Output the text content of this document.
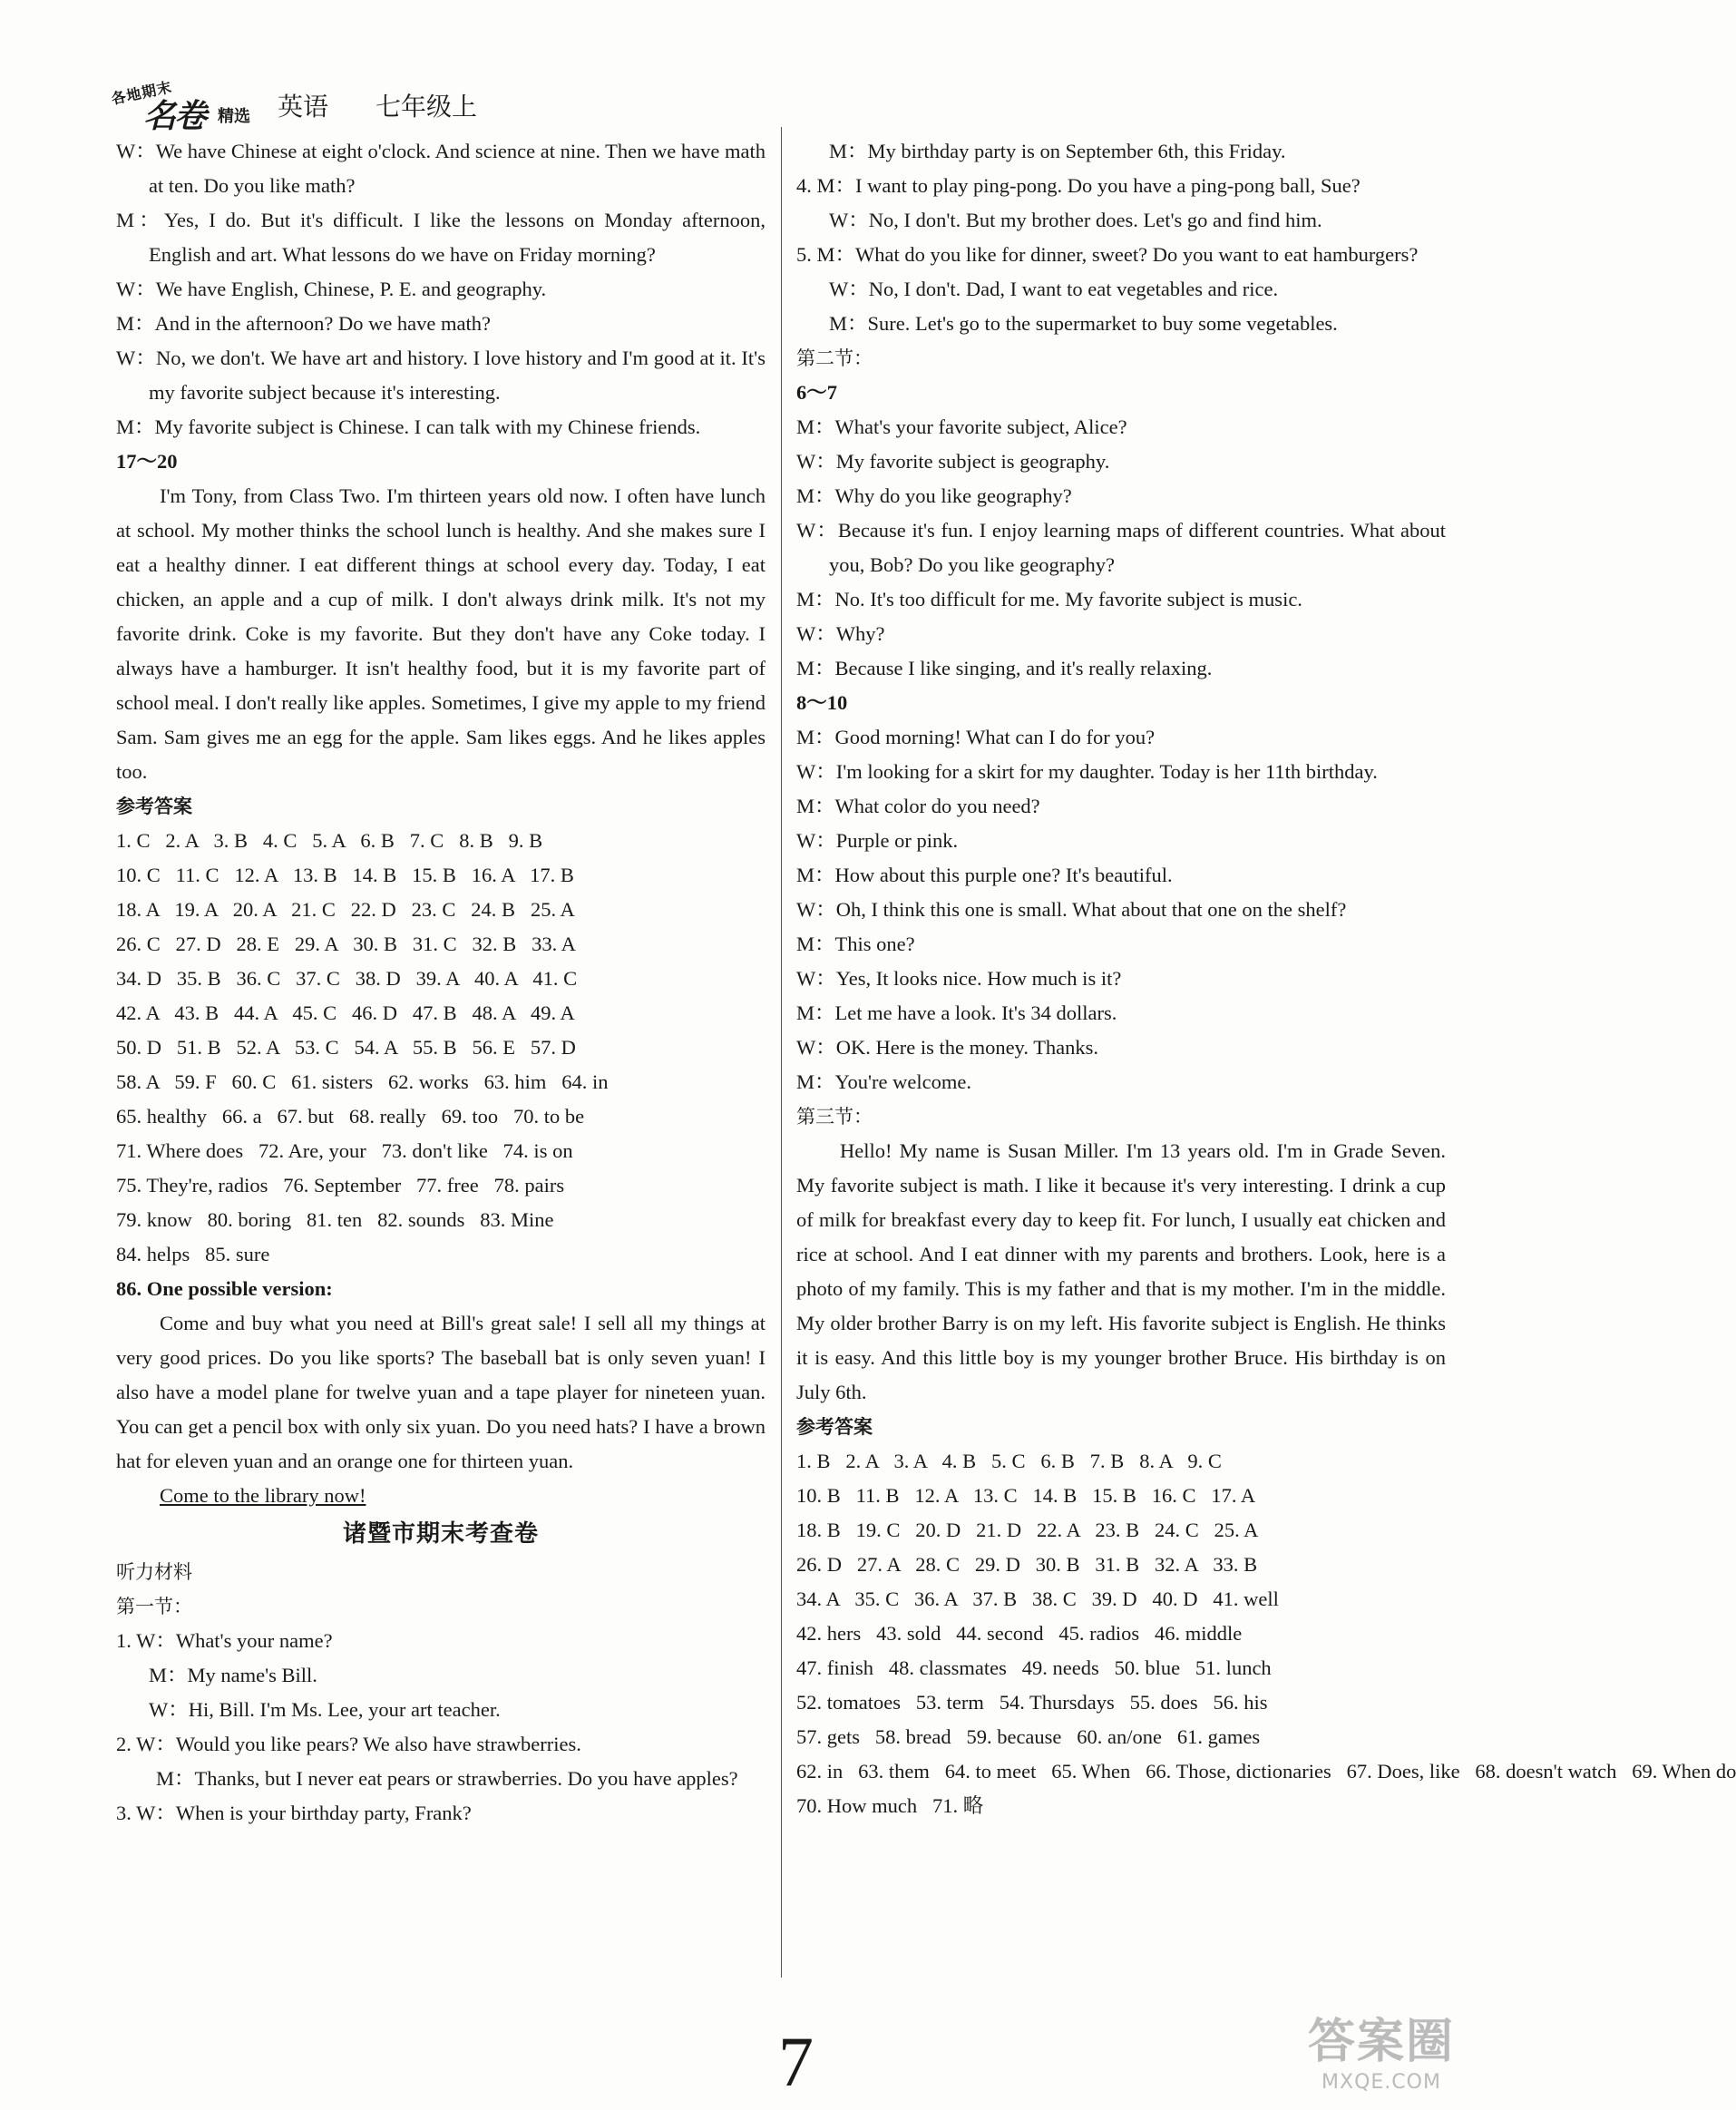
各地期末
名卷 精选 英语 七年级上

W：We have Chinese at eight o'clock. And science at nine. Then we have math at ten. Do you like math?

M：Yes, I do. But it's difficult. I like the lessons on Monday afternoon, English and art. What lessons do we have on Friday morning?

W：We have English, Chinese, P. E. and geography.

M：And in the afternoon? Do we have math?

W：No, we don't. We have art and history. I love history and I'm good at it. It's my favorite subject because it's interesting.

M：My favorite subject is Chinese. I can talk with my Chinese friends.

17～20

I'm Tony, from Class Two. I'm thirteen years old now. I often have lunch at school. My mother thinks the school lunch is healthy. And she makes sure I eat a healthy dinner. I eat different things at school every day. Today, I eat chicken, an apple and a cup of milk. I don't always drink milk. It's not my favorite drink. Coke is my favorite. But they don't have any Coke today. I always have a hamburger. It isn't healthy food, but it is my favorite part of school meal. I don't really like apples. Sometimes, I give my apple to my friend Sam. Sam gives me an egg for the apple. Sam likes eggs. And he likes apples too.

参考答案

1. C   2. A   3. B   4. C   5. A   6. B   7. C   8. B   9. B

10. C   11. C   12. A   13. B   14. B   15. B   16. A   17. B

18. A   19. A   20. A   21. C   22. D   23. C   24. B   25. A

26. C   27. D   28. E   29. A   30. B   31. C   32. B   33. A

34. D   35. B   36. C   37. C   38. D   39. A   40. A   41. C

42. A   43. B   44. A   45. C   46. D   47. B   48. A   49. A

50. D   51. B   52. A   53. C   54. A   55. B   56. E   57. D

58. A   59. F   60. C   61. sisters   62. works   63. him   64. in

65. healthy   66. a   67. but   68. really   69. too   70. to be

71. Where does   72. Are, your   73. don't like   74. is on

75. They're, radios   76. September   77. free   78. pairs

79. know   80. boring   81. ten   82. sounds   83. Mine

84. helps   85. sure

86. One possible version:

Come and buy what you need at Bill's great sale! I sell all my things at very good prices. Do you like sports? The baseball bat is only seven yuan! I also have a model plane for twelve yuan and a tape player for nineteen yuan. You can get a pencil box with only six yuan. Do you need hats? I have a brown hat for eleven yuan and an orange one for thirteen yuan.

Come to the library now!

诸暨市期末考查卷

听力材料

第一节：

1. W：What's your name?

M：My name's Bill.

W：Hi, Bill. I'm Ms. Lee, your art teacher.

2. W：Would you like pears? We also have strawberries.

M：Thanks, but I never eat pears or strawberries. Do you have apples?

3. W：When is your birthday party, Frank?

M：My birthday party is on September 6th, this Friday.

4. M：I want to play ping-pong. Do you have a ping-pong ball, Sue?

W：No, I don't. But my brother does. Let's go and find him.

5. M：What do you like for dinner, sweet? Do you want to eat hamburgers?

W：No, I don't. Dad, I want to eat vegetables and rice.

M：Sure. Let's go to the supermarket to buy some vegetables.

第二节：

6～7

M：What's your favorite subject, Alice?

W：My favorite subject is geography.

M：Why do you like geography?

W：Because it's fun. I enjoy learning maps of different countries. What about you, Bob? Do you like geography?

M：No. It's too difficult for me. My favorite subject is music.

W：Why?

M：Because I like singing, and it's really relaxing.

8～10

M：Good morning! What can I do for you?

W：I'm looking for a skirt for my daughter. Today is her 11th birthday.

M：What color do you need?

W：Purple or pink.

M：How about this purple one? It's beautiful.

W：Oh, I think this one is small. What about that one on the shelf?

M：This one?

W：Yes, It looks nice. How much is it?

M：Let me have a look. It's 34 dollars.

W：OK. Here is the money. Thanks.

M：You're welcome.

第三节：

Hello! My name is Susan Miller. I'm 13 years old. I'm in Grade Seven. My favorite subject is math. I like it because it's very interesting. I drink a cup of milk for breakfast every day to keep fit. For lunch, I usually eat chicken and rice at school. And I eat dinner with my parents and brothers. Look, here is a photo of my family. This is my father and that is my mother. I'm in the middle. My older brother Barry is on my left. His favorite subject is English. He thinks it is easy. And this little boy is my younger brother Bruce. His birthday is on July 6th.

参考答案

1. B   2. A   3. A   4. B   5. C   6. B   7. B   8. A   9. C

10. B   11. B   12. A   13. C   14. B   15. B   16. C   17. A

18. B   19. C   20. D   21. D   22. A   23. B   24. C   25. A

26. D   27. A   28. C   29. D   30. B   31. B   32. A   33. B

34. A   35. C   36. A   37. B   38. C   39. D   40. D   41. well

42. hers   43. sold   44. second   45. radios   46. middle

47. finish   48. classmates   49. needs   50. blue   51. lunch

52. tomatoes   53. term   54. Thursdays   55. does   56. his

57. gets   58. bread   59. because   60. an/one   61. games

62. in   63. them   64. to meet   65. When   66. Those, dictionaries   67. Does, like   68. doesn't watch   69. When do

70. How much   71. 略

7	答案圈
MXQE.COM
